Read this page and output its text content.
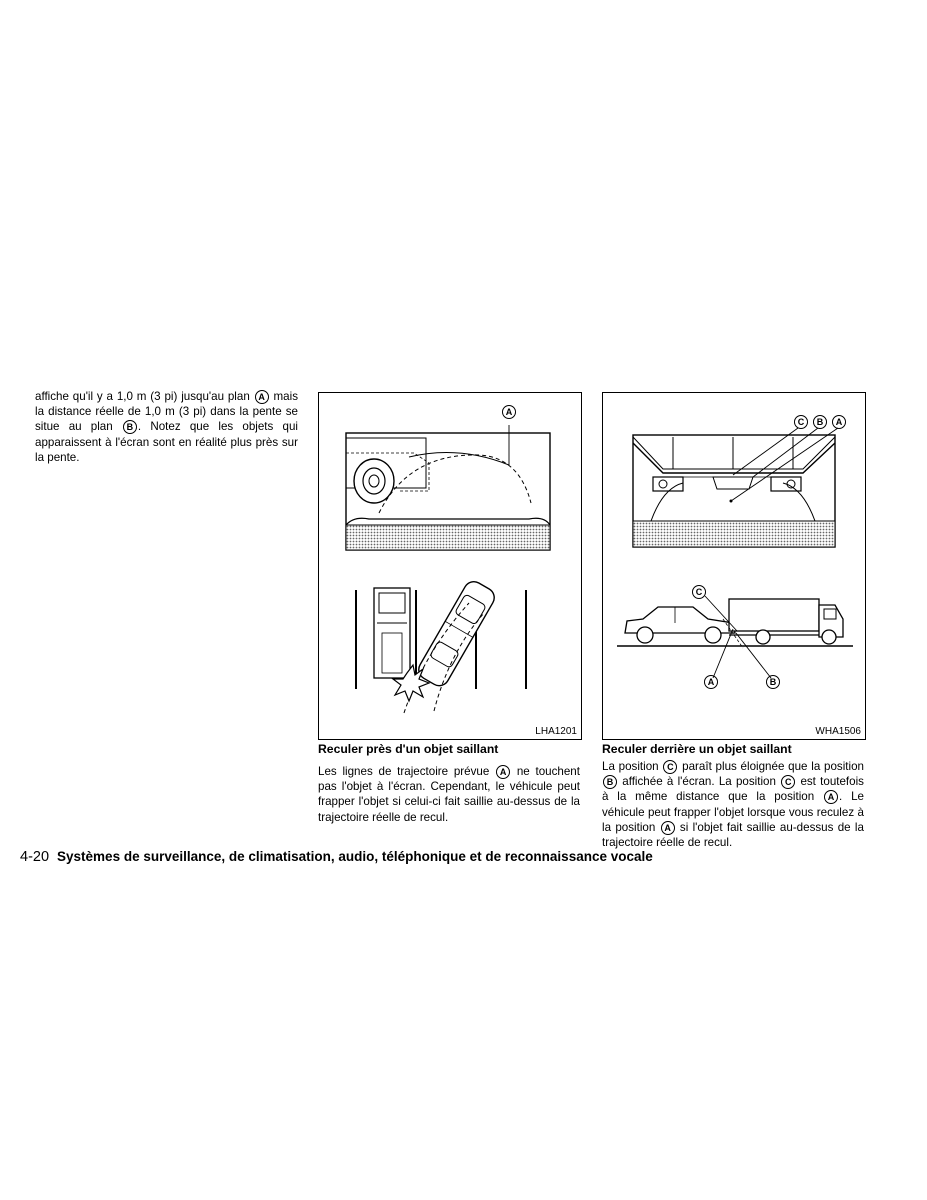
affiche qu'il y a 1,0 m (3 pi) jusqu'au plan A mais la distance réelle de 1,0 m (3 pi) dans la pente se situe au plan B . Notez que les objets qui apparaissent à l'écran sont en réalité plus près sur la pente.
A
LHA1201
C	B	A
C
A	B
WHA1506
Reculer près d'un objet saillant
Les lignes de trajectoire prévue A ne touchent pas l'objet à l'écran. Cependant, le véhicule peut frapper l'objet si celui-ci fait saillie au-dessus de la trajectoire réelle de recul.
Reculer derrière un objet saillant
La position C paraît plus éloignée que la position B affichée à l'écran. La position C est toutefois à la même distance que la position A . Le véhicule peut frapper l'objet lorsque vous reculez à la position A si l'objet fait saillie au-dessus de la trajectoire réelle de recul.
4-20 Systèmes de surveillance, de climatisation, audio, téléphonique et de reconnaissance vocale
